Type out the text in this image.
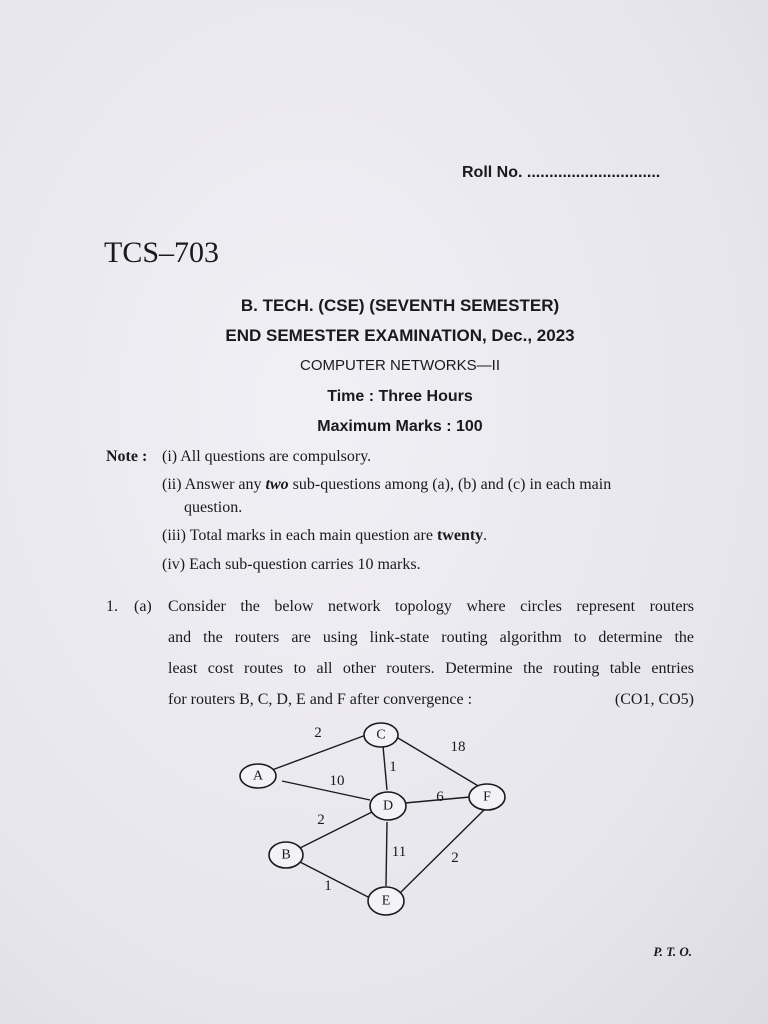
Roll No. ..............................
TCS–703
B. TECH. (CSE) (SEVENTH SEMESTER)
END SEMESTER EXAMINATION, Dec., 2023
COMPUTER NETWORKS—II
Time : Three Hours
Maximum Marks : 100
Note : (i) All questions are compulsory.
(ii) Answer any two sub-questions among (a), (b) and (c) in each main
question.
(iii) Total marks in each main question are twenty.
(iv) Each sub-question carries 10 marks.
1. (a) Consider the below network topology where circles represent routers
and the routers are using link-state routing algorithm to determine the
least cost routes to all other routers. Determine the routing table entries
for routers B, C, D, E and F after convergence :	(CO1, CO5)
A
B
C
D
E
F
2
10
1
18
6
2
11
1
2
P. T. O.
